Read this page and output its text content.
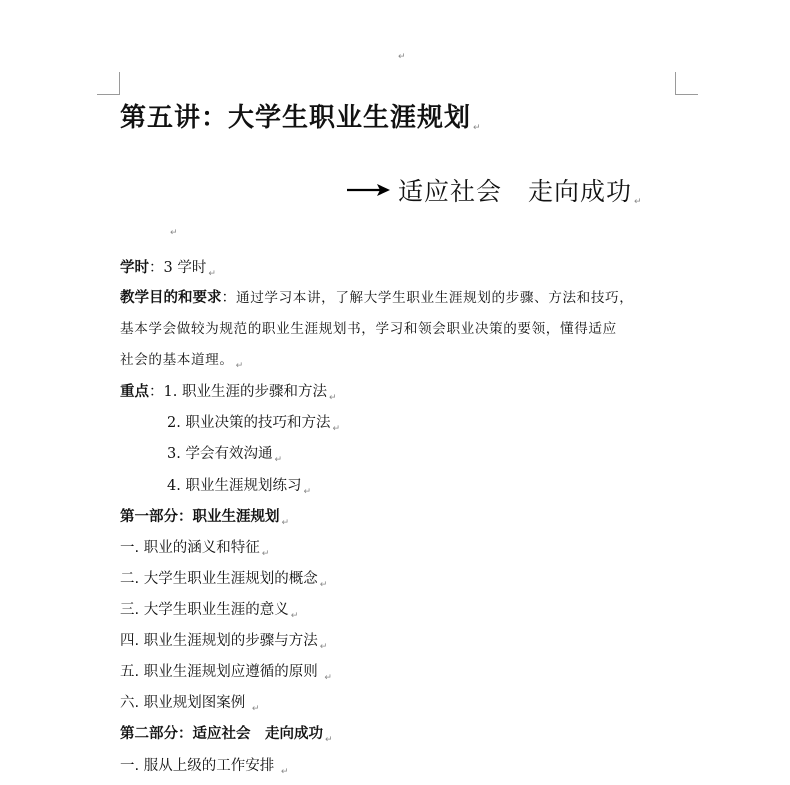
↵
第五讲：大学生职业生涯规划 ↵
适应社会　走向成功 $_↵$
↵
学时：3 学时 $_↵$
教学目的和要求：通过学习本讲，了解大学生职业生涯规划的步骤、方法和技巧，
基本学会做较为规范的职业生涯规划书，学习和领会职业决策的要领，懂得适应
社会的基本道理。 $_↵$
重点：1. 职业生涯的步骤和方法 $_↵$
2. 职业决策的技巧和方法 $_↵$
3. 学会有效沟通 $_↵$
4. 职业生涯规划练习 $_↵$
第一部分：职业生涯规划 $_↵$
一. 职业的涵义和特征 $_↵$
二. 大学生职业生涯规划的概念 $_↵$
三. 大学生职业生涯的意义 $_↵$
四. 职业生涯规划的步骤与方法 $_↵$
五. 职业生涯规划应遵循的原则 $_↵$
六. 职业规划图案例 $_↵$
第二部分：适应社会　走向成功 $_↵$
一. 服从上级的工作安排 $_↵$
